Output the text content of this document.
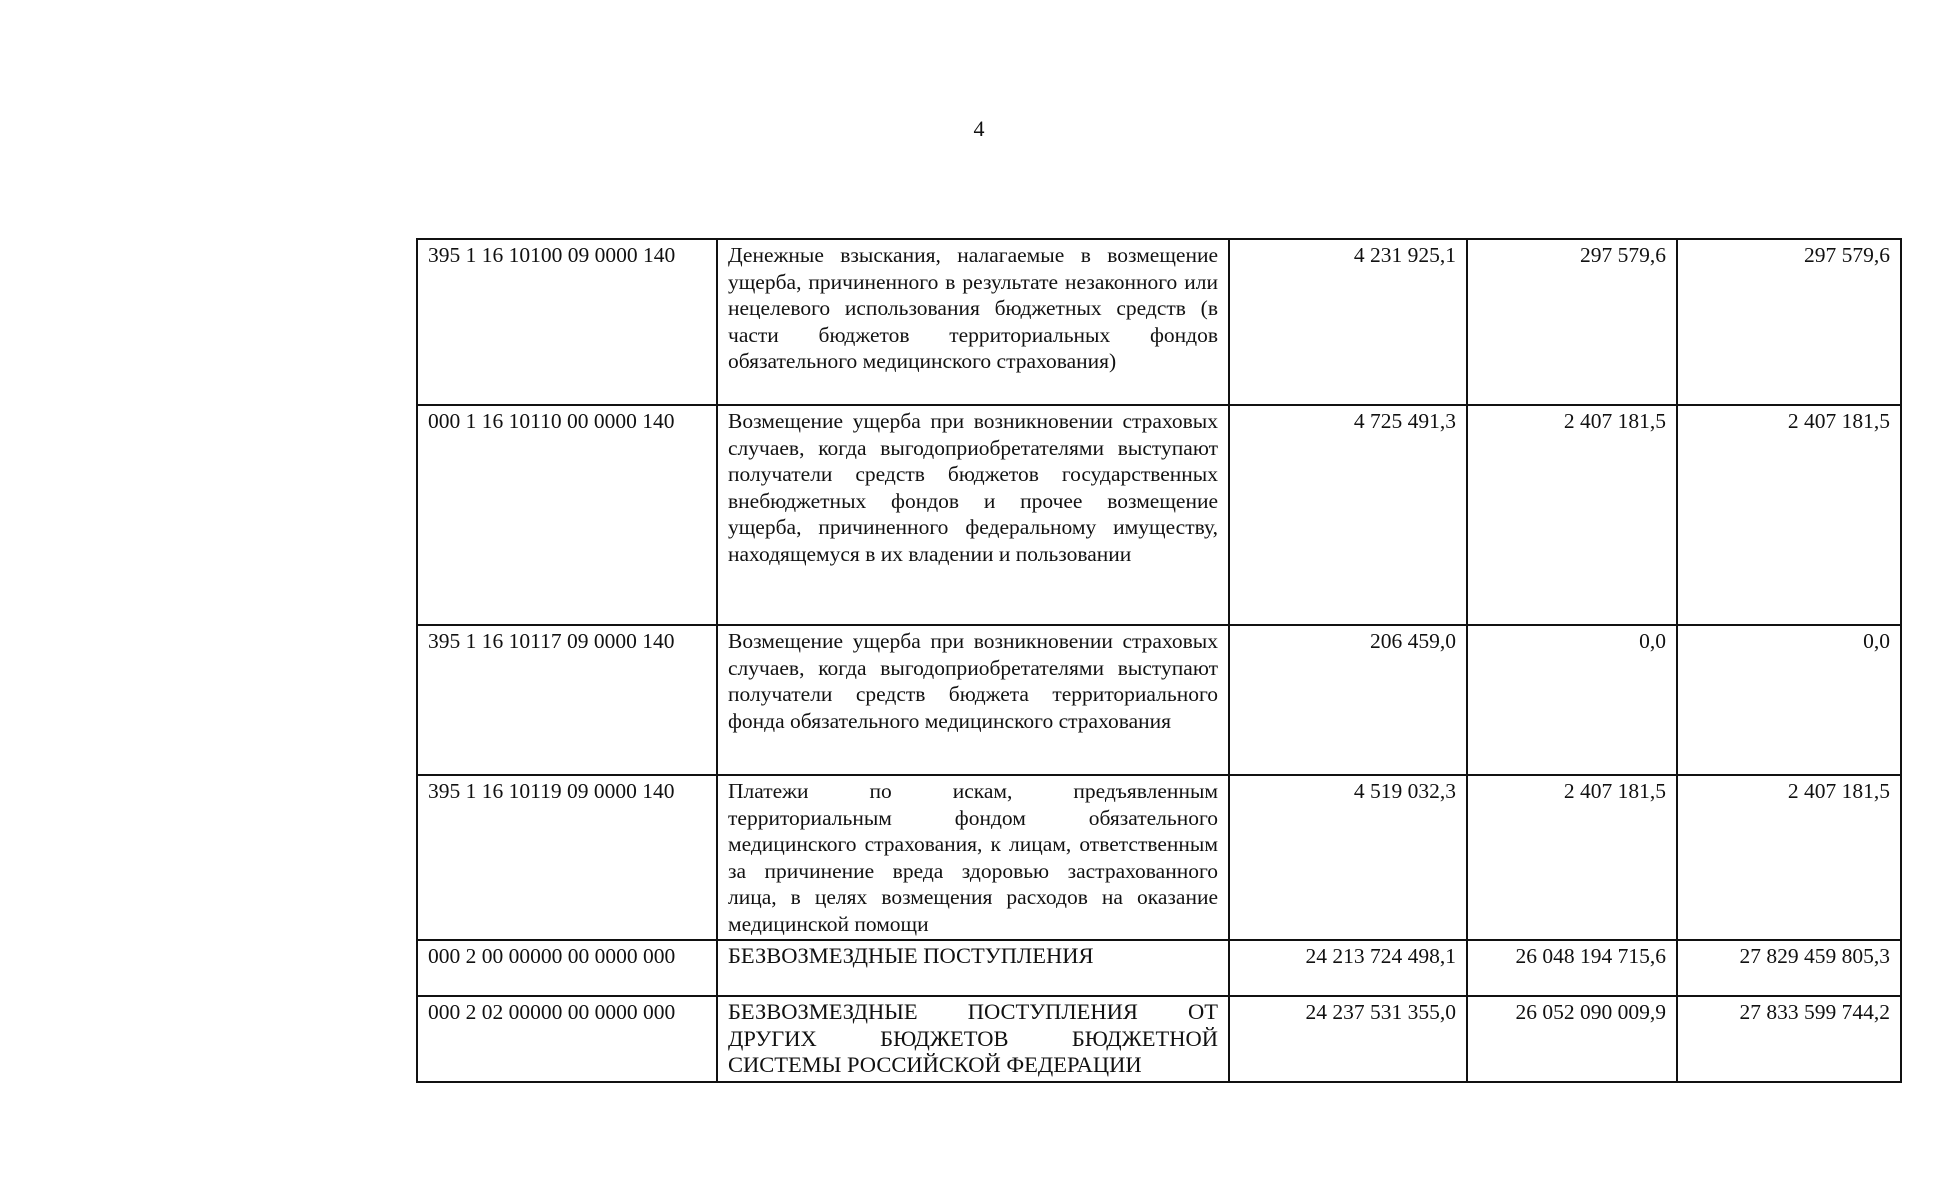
4
395 1 16 10100 09 0000 140	Денежные взыскания, налагаемые в возмещение ущерба, причиненного в результате незаконного или нецелевого использования бюджетных средств (в части бюджетов территориальных фондов обязательного медицинского страхования)	4 231 925,1	297 579,6	297 579,6
000 1 16 10110 00 0000 140	Возмещение ущерба при возникновении страховых случаев, когда выгодоприобретателями выступают получатели средств бюджетов государственных внебюджетных фондов и прочее возмещение ущерба, причиненного федеральному имуществу, находящемуся в их владении и пользовании	4 725 491,3	2 407 181,5	2 407 181,5
395 1 16 10117 09 0000 140	Возмещение ущерба при возникновении страховых случаев, когда выгодоприобретателями выступают получатели средств бюджета территориального фонда обязательного медицинского страхования	206 459,0	0,0	0,0
395 1 16 10119 09 0000 140	Платежи по искам, предъявленным территориальным фондом обязательного медицинского страхования, к лицам, ответственным за причинение вреда здоровью застрахованного лица, в целях возмещения расходов на оказание медицинской помощи	4 519 032,3	2 407 181,5	2 407 181,5
000 2 00 00000 00 0000 000	БЕЗВОЗМЕЗДНЫЕ ПОСТУПЛЕНИЯ	24 213 724 498,1	26 048 194 715,6	27 829 459 805,3
000 2 02 00000 00 0000 000	БЕЗВОЗМЕЗДНЫЕ ПОСТУПЛЕНИЯ ОТ ДРУГИХ БЮДЖЕТОВ БЮДЖЕТНОЙ СИСТЕМЫ РОССИЙСКОЙ ФЕДЕРАЦИИ	24 237 531 355,0	26 052 090 009,9	27 833 599 744,2
